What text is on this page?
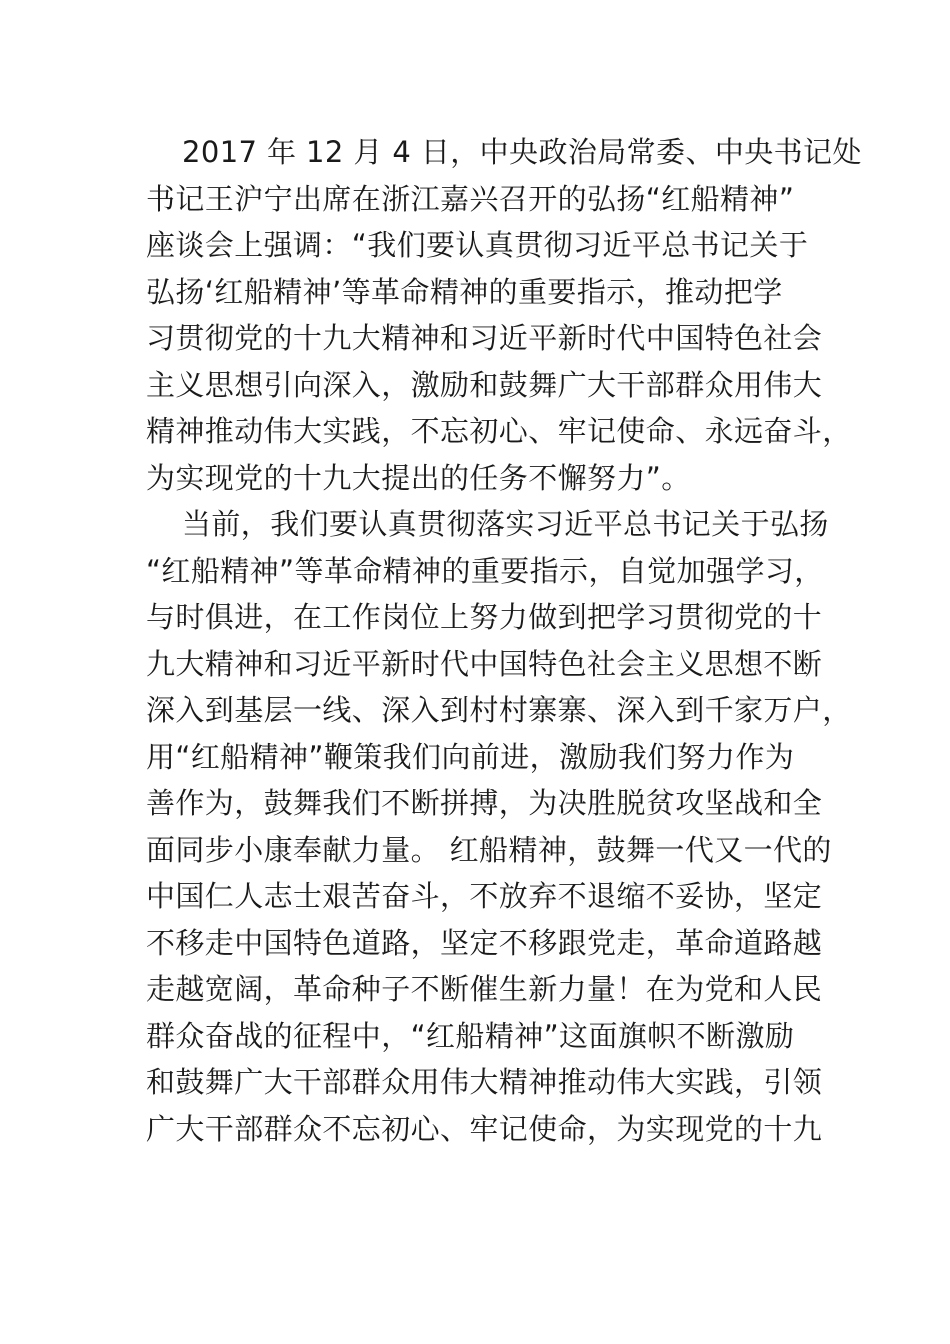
2017 年 12 月 4 日，中央政治局常委、中央书记处
书记王沪宁出席在浙江嘉兴召开的弘扬“红船精神”
座谈会上强调：“我们要认真贯彻习近平总书记关于
弘扬‘红船精神’等革命精神的重要指示，推动把学
习贯彻党的十九大精神和习近平新时代中国特色社会
主义思想引向深入，激励和鼓舞广大干部群众用伟大
精神推动伟大实践，不忘初心、牢记使命、永远奋斗，
为实现党的十九大提出的任务不懈努力”。
当前，我们要认真贯彻落实习近平总书记关于弘扬
“红船精神”等革命精神的重要指示，自觉加强学习，
与时俱进，在工作岗位上努力做到把学习贯彻党的十
九大精神和习近平新时代中国特色社会主义思想不断
深入到基层一线、深入到村村寨寨、深入到千家万户，
用“红船精神”鞭策我们向前进，激励我们努力作为
善作为，鼓舞我们不断拼搏，为决胜脱贫攻坚战和全
面同步小康奉献力量。 红船精神，鼓舞一代又一代的
中国仁人志士艰苦奋斗，不放弃不退缩不妥协，坚定
不移走中国特色道路，坚定不移跟党走，革命道路越
走越宽阔，革命种子不断催生新力量！在为党和人民
群众奋战的征程中，“红船精神”这面旗帜不断激励
和鼓舞广大干部群众用伟大精神推动伟大实践，引领
广大干部群众不忘初心、牢记使命，为实现党的十九
